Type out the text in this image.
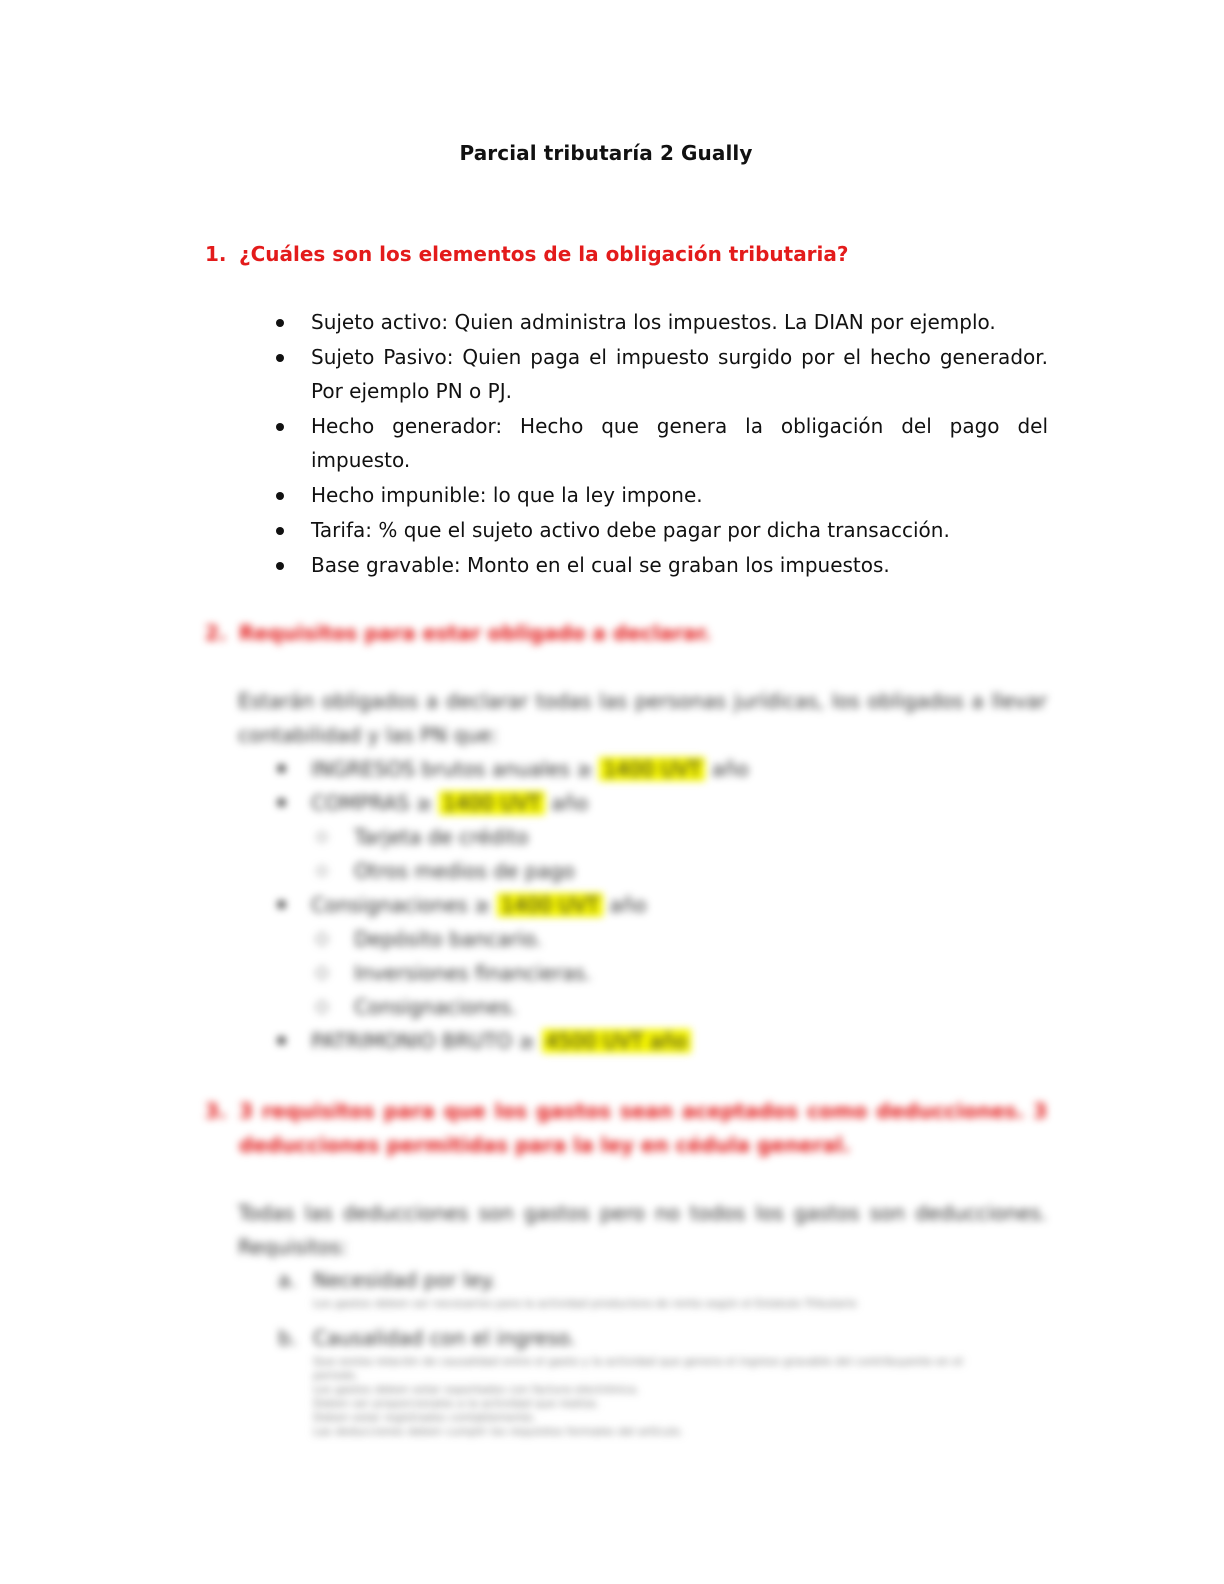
Parcial tributaría 2 Gually
1. ¿Cuáles son los elementos de la obligación tributaria?
Sujeto activo: Quien administra los impuestos. La DIAN por ejemplo.
Sujeto Pasivo: Quien paga el impuesto surgido por el hecho generador. Por ejemplo PN o PJ.
Hecho generador: Hecho que genera la obligación del pago del impuesto.
Hecho impunible: lo que la ley impone.
Tarifa: % que el sujeto activo debe pagar por dicha transacción.
Base gravable: Monto en el cual se graban los impuestos.
2. Requisitos para estar obligado a declarar.
Estarán obligados a declarar todas las personas jurídicas, los obligados a llevar contabilidad y las PN que:
INGRESOS brutos anuales ≥ 1400 UVT año
COMPRAS ≥ 1400 UVT año
Tarjeta de crédito
Otros medios de pago
Consignaciones ≥ 1400 UVT año
Depósito bancario.
Inversiones financieras.
Consignaciones.
PATRIMONIO BRUTO ≥ 4500 UVT año
3. 3 requisitos para que los gastos sean aceptados como deducciones. 3 deducciones permitidas para la ley en cédula general.
Todas las deducciones son gastos pero no todos los gastos son deducciones. Requisitos:
a. Necesidad por ley.
Los gastos deben ser necesarios para la actividad productora de renta según el Estatuto Tributario
b. Causalidad con el ingreso.
Que exista relación de causalidad entre el gasto y la actividad que genera el ingreso gravable del contribuyente en el periodo.
Los gastos deben estar soportados con factura electrónica.
Deben ser proporcionales a la actividad que realiza.
Deben estar registrados contablemente.
Las deducciones deben cumplir los requisitos formales del artículo.
